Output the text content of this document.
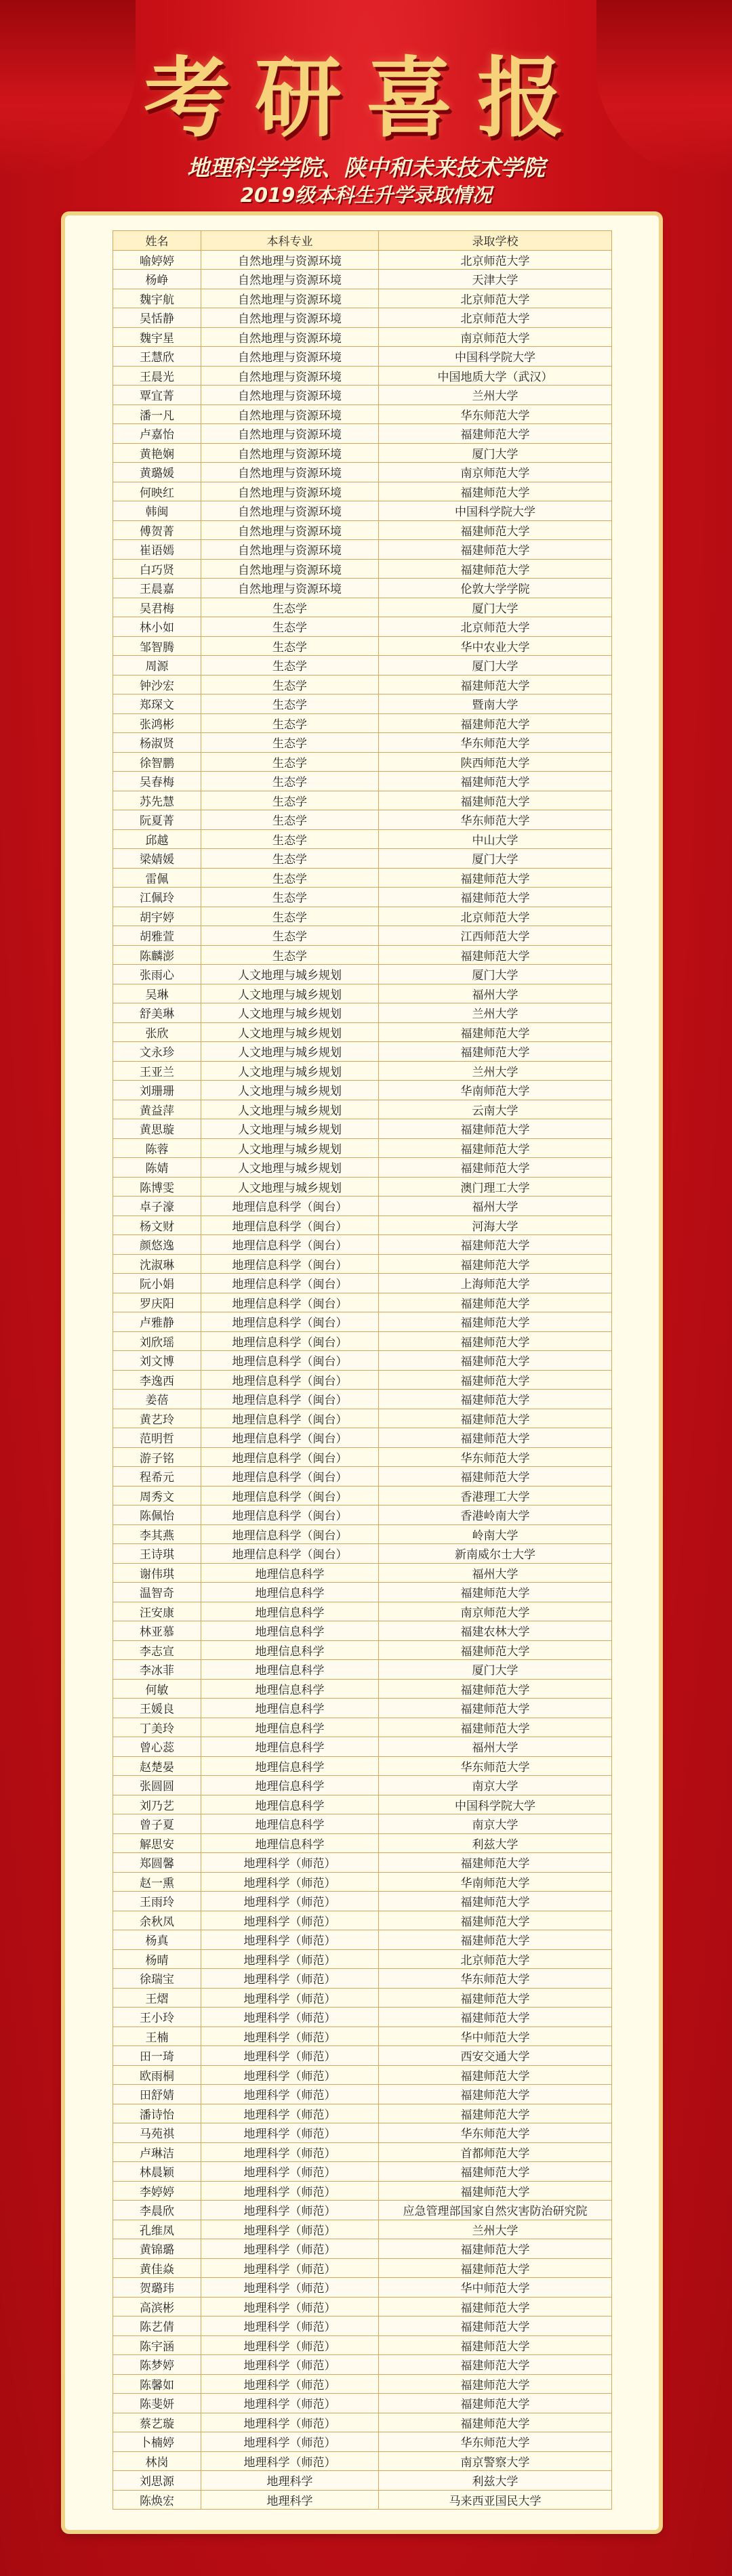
考研喜报
地理科学学院、陕中和未来技术学院
2019级本科生升学录取情况
姓名	本科专业	录取学校
喻婷婷	自然地理与资源环境	北京师范大学
杨峥	自然地理与资源环境	天津大学
魏宇航	自然地理与资源环境	北京师范大学
吴恬静	自然地理与资源环境	北京师范大学
魏宇星	自然地理与资源环境	南京师范大学
王慧欣	自然地理与资源环境	中国科学院大学
王晨光	自然地理与资源环境	中国地质大学（武汉）
覃宜菁	自然地理与资源环境	兰州大学
潘一凡	自然地理与资源环境	华东师范大学
卢嘉怡	自然地理与资源环境	福建师范大学
黄艳娴	自然地理与资源环境	厦门大学
黄璐媛	自然地理与资源环境	南京师范大学
何映红	自然地理与资源环境	福建师范大学
韩闽	自然地理与资源环境	中国科学院大学
傅贺菁	自然地理与资源环境	福建师范大学
崔语嫣	自然地理与资源环境	福建师范大学
白巧贤	自然地理与资源环境	福建师范大学
王晨嘉	自然地理与资源环境	伦敦大学学院
吴君梅	生态学	厦门大学
林小如	生态学	北京师范大学
邹智腾	生态学	华中农业大学
周源	生态学	厦门大学
钟沙宏	生态学	福建师范大学
郑琛文	生态学	暨南大学
张鸿彬	生态学	福建师范大学
杨淑贤	生态学	华东师范大学
徐智鹏	生态学	陕西师范大学
吴春梅	生态学	福建师范大学
苏先慧	生态学	福建师范大学
阮夏菁	生态学	华东师范大学
邱越	生态学	中山大学
梁婧媛	生态学	厦门大学
雷佩	生态学	福建师范大学
江佩玲	生态学	福建师范大学
胡宇婷	生态学	北京师范大学
胡雅萱	生态学	江西师范大学
陈麟澎	生态学	福建师范大学
张雨心	人文地理与城乡规划	厦门大学
吴琳	人文地理与城乡规划	福州大学
舒美琳	人文地理与城乡规划	兰州大学
张欣	人文地理与城乡规划	福建师范大学
文永珍	人文地理与城乡规划	福建师范大学
王亚兰	人文地理与城乡规划	兰州大学
刘珊珊	人文地理与城乡规划	华南师范大学
黄益萍	人文地理与城乡规划	云南大学
黄思璇	人文地理与城乡规划	福建师范大学
陈蓉	人文地理与城乡规划	福建师范大学
陈婧	人文地理与城乡规划	福建师范大学
陈博雯	人文地理与城乡规划	澳门理工大学
卓子濠	地理信息科学（闽台）	福州大学
杨文财	地理信息科学（闽台）	河海大学
颜悠逸	地理信息科学（闽台）	福建师范大学
沈淑琳	地理信息科学（闽台）	福建师范大学
阮小娟	地理信息科学（闽台）	上海师范大学
罗庆阳	地理信息科学（闽台）	福建师范大学
卢雅静	地理信息科学（闽台）	福建师范大学
刘欣瑶	地理信息科学（闽台）	福建师范大学
刘文博	地理信息科学（闽台）	福建师范大学
李逸西	地理信息科学（闽台）	福建师范大学
姜蓓	地理信息科学（闽台）	福建师范大学
黄艺玲	地理信息科学（闽台）	福建师范大学
范明哲	地理信息科学（闽台）	福建师范大学
游子铭	地理信息科学（闽台）	华东师范大学
程希元	地理信息科学（闽台）	福建师范大学
周秀文	地理信息科学（闽台）	香港理工大学
陈佩怡	地理信息科学（闽台）	香港岭南大学
李其燕	地理信息科学（闽台）	岭南大学
王诗琪	地理信息科学（闽台）	新南威尔士大学
谢伟琪	地理信息科学	福州大学
温智奇	地理信息科学	福建师范大学
汪安康	地理信息科学	南京师范大学
林亚慕	地理信息科学	福建农林大学
李志宣	地理信息科学	福建师范大学
李冰菲	地理信息科学	厦门大学
何敏	地理信息科学	福建师范大学
王媛良	地理信息科学	福建师范大学
丁美玲	地理信息科学	福建师范大学
曾心蕊	地理信息科学	福州大学
赵楚晏	地理信息科学	华东师范大学
张圆圆	地理信息科学	南京大学
刘乃艺	地理信息科学	中国科学院大学
曾子夏	地理信息科学	南京大学
解思安	地理信息科学	利兹大学
郑圆馨	地理科学（师范）	福建师范大学
赵一熏	地理科学（师范）	华南师范大学
王雨玲	地理科学（师范）	福建师范大学
余秋凤	地理科学（师范）	福建师范大学
杨真	地理科学（师范）	福建师范大学
杨晴	地理科学（师范）	北京师范大学
徐瑞宝	地理科学（师范）	华东师范大学
王熠	地理科学（师范）	福建师范大学
王小玲	地理科学（师范）	福建师范大学
王楠	地理科学（师范）	华中师范大学
田一琦	地理科学（师范）	西安交通大学
欧雨桐	地理科学（师范）	福建师范大学
田舒婧	地理科学（师范）	福建师范大学
潘诗怡	地理科学（师范）	福建师范大学
马苑祺	地理科学（师范）	华东师范大学
卢琳洁	地理科学（师范）	首都师范大学
林晨颖	地理科学（师范）	福建师范大学
李婷婷	地理科学（师范）	福建师范大学
李晨欣	地理科学（师范）	应急管理部国家自然灾害防治研究院
孔维凤	地理科学（师范）	兰州大学
黄锦璐	地理科学（师范）	福建师范大学
黄佳焱	地理科学（师范）	福建师范大学
贺璐玮	地理科学（师范）	华中师范大学
高滨彬	地理科学（师范）	福建师范大学
陈艺倩	地理科学（师范）	福建师范大学
陈宇涵	地理科学（师范）	福建师范大学
陈梦婷	地理科学（师范）	福建师范大学
陈馨如	地理科学（师范）	福建师范大学
陈斐妍	地理科学（师范）	福建师范大学
蔡艺璇	地理科学（师范）	福建师范大学
卜楠婷	地理科学（师范）	华东师范大学
林岗	地理科学（师范）	南京警察大学
刘思源	地理科学	利兹大学
陈焕宏	地理科学	马来西亚国民大学
